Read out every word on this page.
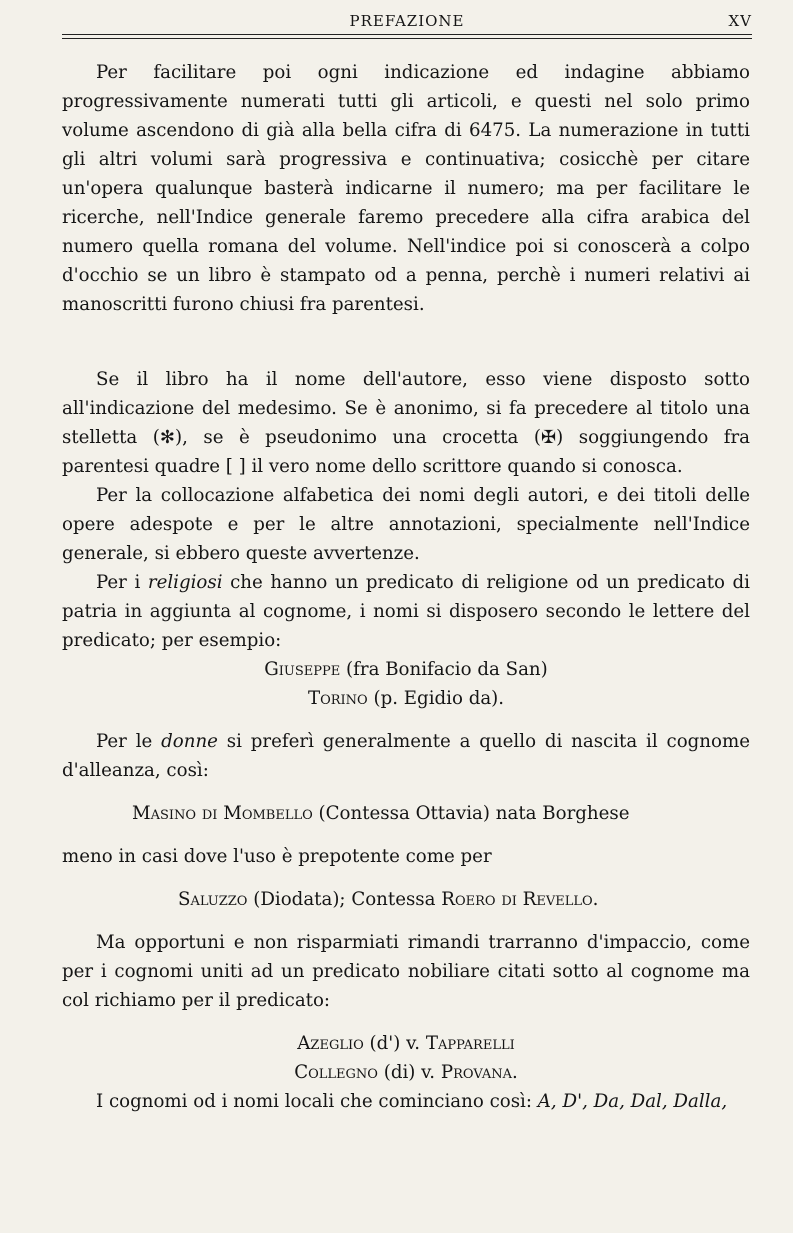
PREFAZIONE	XV

Per facilitare poi ogni indicazione ed indagine abbiamo progressivamente numerati tutti gli articoli, e questi nel solo primo volume ascendono di già alla bella cifra di 6475. La numerazione in tutti gli altri volumi sarà progressiva e continuativa; cosicchè per citare un'opera qualunque basterà indicarne il numero; ma per facilitare le ricerche, nell'Indice generale faremo precedere alla cifra arabica del numero quella romana del volume. Nell'indice poi si conoscerà a colpo d'occhio se un libro è stampato od a penna, perchè i numeri relativi ai manoscritti furono chiusi fra parentesi.

Se il libro ha il nome dell'autore, esso viene disposto sotto all'indicazione del medesimo. Se è anonimo, si fa precedere al titolo una stelletta (✻), se è pseudonimo una crocetta (✠) soggiungendo fra parentesi quadre [ ] il vero nome dello scrittore quando si conosca.

Per la collocazione alfabetica dei nomi degli autori, e dei titoli delle opere adespote e per le altre annotazioni, specialmente nell'Indice generale, si ebbero queste avvertenze.

Per i religiosi che hanno un predicato di religione od un predicato di patria in aggiunta al cognome, i nomi si disposero secondo le lettere del predicato; per esempio:

Giuseppe (fra Bonifacio da San)

Torino (p. Egidio da).

Per le donne si preferì generalmente a quello di nascita il cognome d'alleanza, così:

Masino di Mombello (Contessa Ottavia) nata Borghese

meno in casi dove l'uso è prepotente come per

Saluzzo (Diodata); Contessa Roero di Revello.

Ma opportuni e non risparmiati rimandi trarranno d'impaccio, come per i cognomi uniti ad un predicato nobiliare citati sotto al cognome ma col richiamo per il predicato:

Azeglio (d') v. Tapparelli

Collegno (di) v. Provana.

I cognomi od i nomi locali che cominciano così: A, D', Da, Dal, Dalla,
